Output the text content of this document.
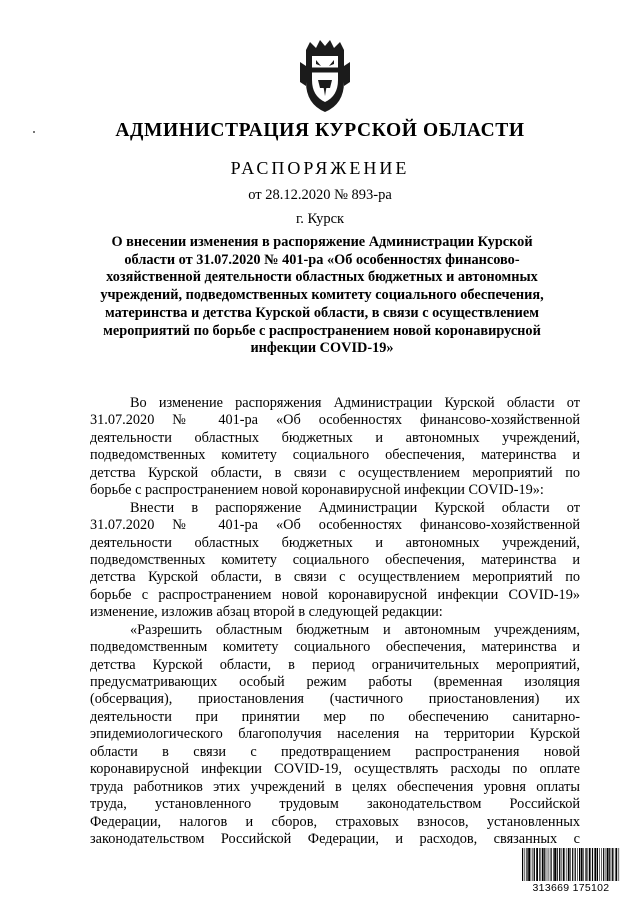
АДМИНИСТРАЦИЯ КУРСКОЙ ОБЛАСТИ
РАСПОРЯЖЕНИЕ
от 28.12.2020 № 893-ра
г. Курск
О внесении изменения в распоряжение Администрации Курской
области от 31.07.2020 № 401-ра «Об особенностях финансово-
хозяйственной деятельности областных бюджетных и автономных
учреждений, подведомственных комитету социального обеспечения,
материнства и детства Курской области, в связи с осуществлением
мероприятий по борьбе с распространением новой коронавирусной
инфекции COVID-19»
Во изменение распоряжения Администрации Курской области от
31.07.2020 № 401-ра «Об особенностях финансово-хозяйственной
деятельности областных бюджетных и автономных учреждений,
подведомственных комитету социального обеспечения, материнства и
детства Курской области, в связи с осуществлением мероприятий по
борьбе с распространением новой коронавирусной инфекции COVID-19»:
Внести в распоряжение Администрации Курской области от
31.07.2020 № 401-ра «Об особенностях финансово-хозяйственной
деятельности областных бюджетных и автономных учреждений,
подведомственных комитету социального обеспечения, материнства и
детства Курской области, в связи с осуществлением мероприятий по
борьбе с распространением новой коронавирусной инфекции COVID-19»
изменение, изложив абзац второй в следующей редакции:
«Разрешить областным бюджетным и автономным учреждениям,
подведомственным комитету социального обеспечения, материнства и
детства Курской области, в период ограничительных мероприятий,
предусматривающих особый режим работы (временная изоляция
(обсервация), приостановления (частичного приостановления) их
деятельности при принятии мер по обеспечению санитарно-
эпидемиологического благополучия населения на территории Курской
области в связи с предотвращением распространения новой
коронавирусной инфекции COVID-19, осуществлять расходы по оплате
труда работников этих учреждений в целях обеспечения уровня оплаты
труда, установленного трудовым законодательством Российской
Федерации, налогов и сборов, страховых взносов, установленных
законодательством Российской Федерации, и расходов, связанных с
313669 175102
